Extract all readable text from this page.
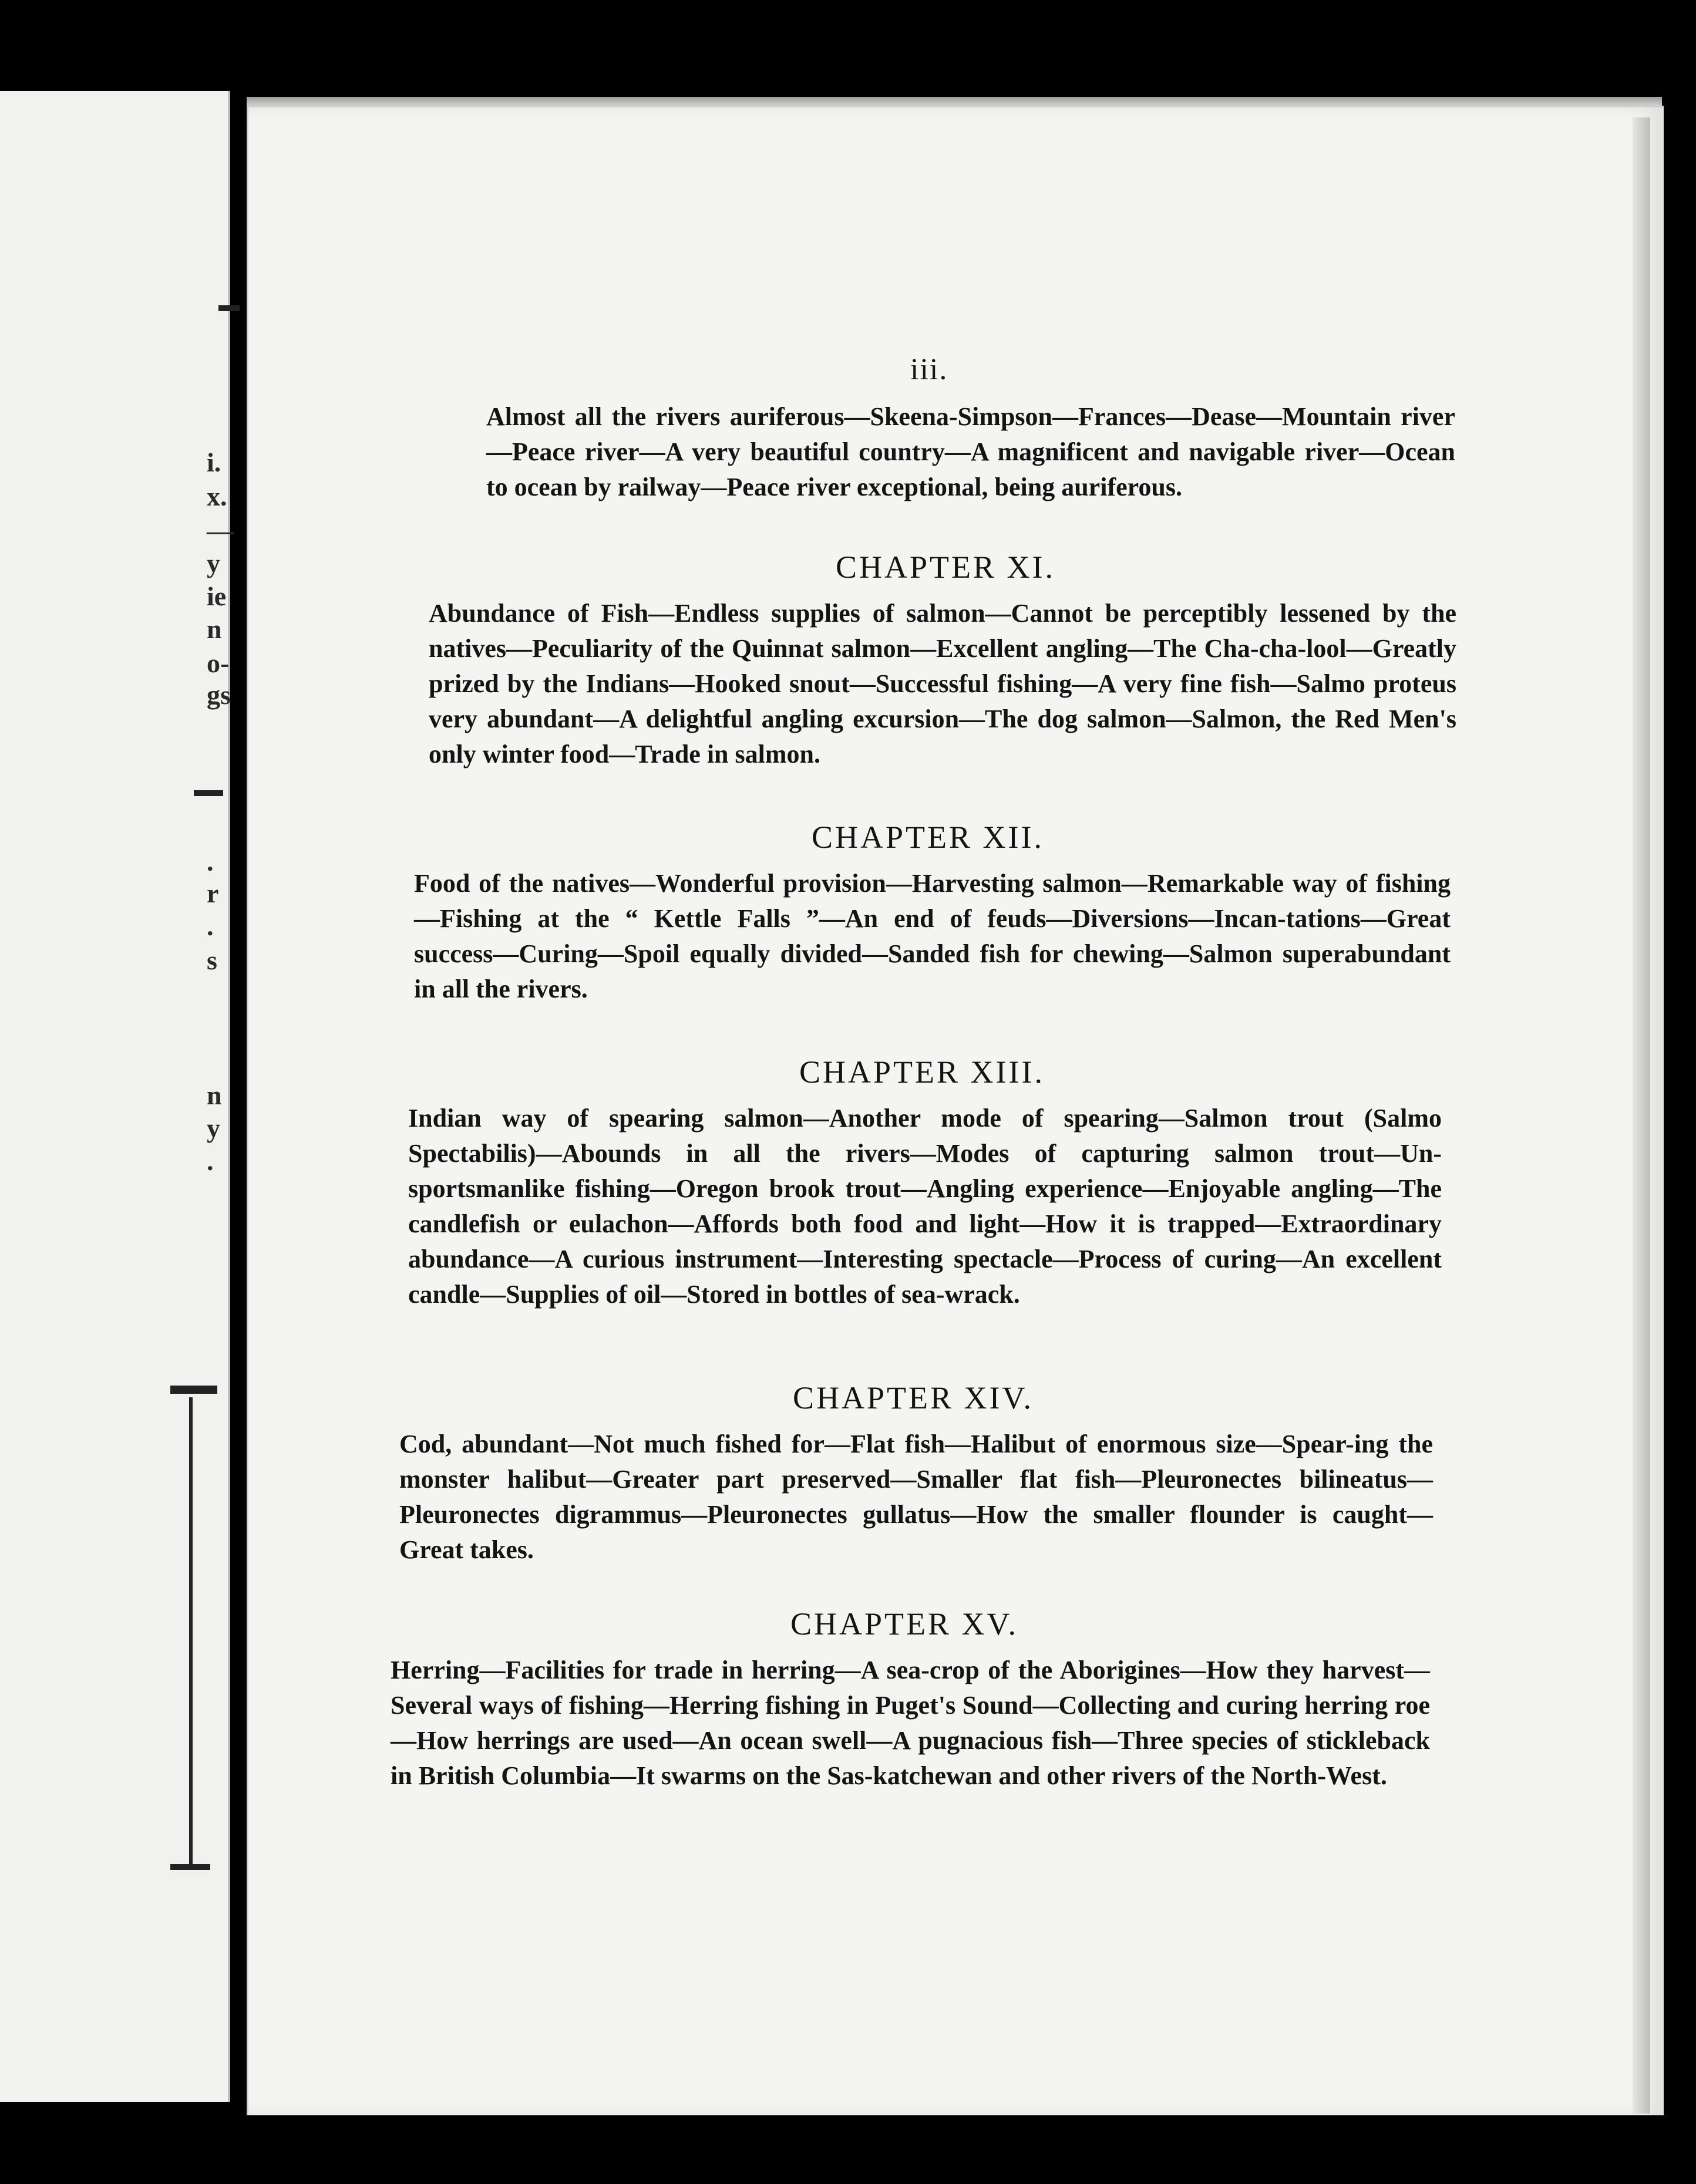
i.
x.
—
y
ie
n
o-
gs
.
r
.
s
n
y
.
iii.
Almost all the rivers auriferous—Skeena-Simpson—Frances—Dease—Mountain river—Peace river—A very beautiful country—A magnificent and navigable river—Ocean to ocean by railway—Peace river exceptional, being auriferous.
CHAPTER XI.
Abundance of Fish—Endless supplies of salmon—Cannot be perceptibly lessened by the natives—Peculiarity of the Quinnat salmon—Excellent angling—The Cha-cha-lool—Greatly prized by the Indians—Hooked snout—Successful fishing—A very fine fish—Salmo proteus very abundant—A delightful angling excursion—The dog salmon—Salmon, the Red Men's only winter food—Trade in salmon.
CHAPTER XII.
Food of the natives—Wonderful provision—Harvesting salmon—Remarkable way of fishing—Fishing at the “ Kettle Falls ”—An end of feuds—Diversions—Incan-tations—Great success—Curing—Spoil equally divided—Sanded fish for chewing—Salmon superabundant in all the rivers.
CHAPTER XIII.
Indian way of spearing salmon—Another mode of spearing—Salmon trout (Salmo Spectabilis)—Abounds in all the rivers—Modes of capturing salmon trout—Un-sportsmanlike fishing—Oregon brook trout—Angling experience—Enjoyable angling—The candlefish or eulachon—Affords both food and light—How it is trapped—Extraordinary abundance—A curious instrument—Interesting spectacle—Process of curing—An excellent candle—Supplies of oil—Stored in bottles of sea-wrack.
CHAPTER XIV.
Cod, abundant—Not much fished for—Flat fish—Halibut of enormous size—Spear-ing the monster halibut—Greater part preserved—Smaller flat fish—Pleuronectes bilineatus—Pleuronectes digrammus—Pleuronectes gullatus—How the smaller flounder is caught—Great takes.
CHAPTER XV.
Herring—Facilities for trade in herring—A sea-crop of the Aborigines—How they harvest—Several ways of fishing—Herring fishing in Puget's Sound—Collecting and curing herring roe—How herrings are used—An ocean swell—A pugnacious fish—Three species of stickleback in British Columbia—It swarms on the Sas-katchewan and other rivers of the North-West.
